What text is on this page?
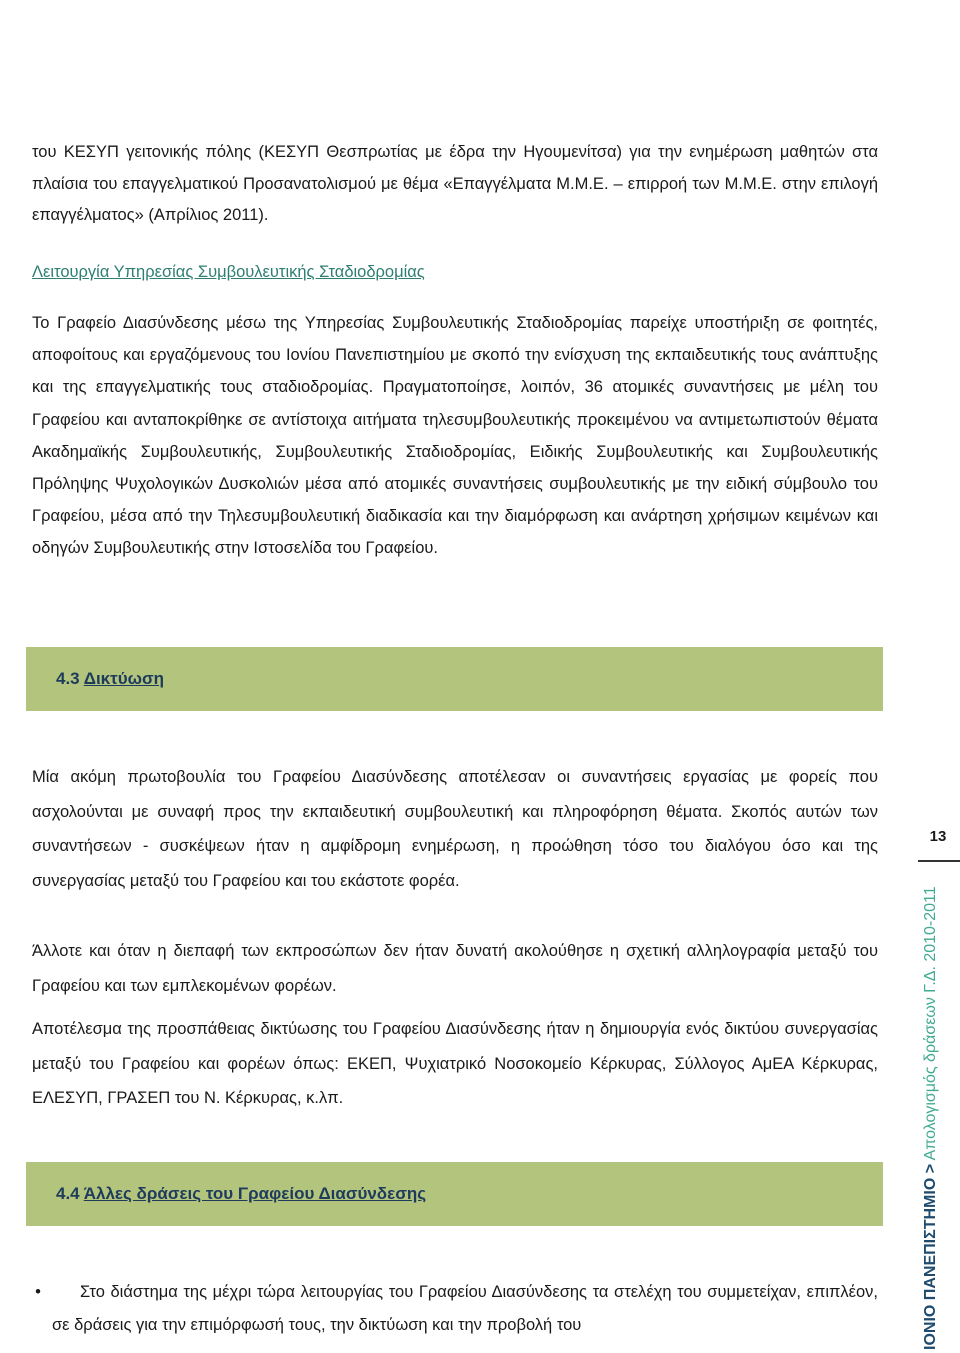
του ΚΕΣΥΠ γειτονικής πόλης (ΚΕΣΥΠ Θεσπρωτίας με έδρα την Ηγουμενίτσα) για την ενημέρωση μαθητών στα πλαίσια του επαγγελματικού Προσανατολισμού με θέμα «Επαγγέλματα Μ.Μ.Ε. – επιρροή των Μ.Μ.Ε. στην επιλογή επαγγέλματος» (Απρίλιος 2011).

Λειτουργία Υπηρεσίας Συμβουλευτικής Σταδιοδρομίας

Το Γραφείο Διασύνδεσης μέσω της Υπηρεσίας Συμβουλευτικής Σταδιοδρομίας παρείχε υποστήριξη σε φοιτητές, αποφοίτους και εργαζόμενους του Ιονίου Πανεπιστημίου με σκοπό την ενίσχυση της εκπαιδευτικής τους ανάπτυξης και της επαγγελματικής τους σταδιοδρομίας. Πραγματοποίησε, λοιπόν, 36 ατομικές συναντήσεις με μέλη του Γραφείου και ανταποκρίθηκε σε αντίστοιχα αιτήματα τηλεσυμβουλευτικής προκειμένου να αντιμετωπιστούν θέματα Ακαδημαϊκής Συμβουλευτικής, Συμβουλευτικής Σταδιοδρομίας, Ειδικής Συμβουλευτικής και Συμβουλευτικής Πρόληψης Ψυχολογικών Δυσκολιών μέσα από ατομικές συναντήσεις συμβουλευτικής με την ειδική σύμβουλο του Γραφείου, μέσα από την Τηλεσυμβουλευτική διαδικασία και την διαμόρφωση και ανάρτηση χρήσιμων κειμένων και οδηγών Συμβουλευτικής στην Ιστοσελίδα του Γραφείου.

4.3 Δικτύωση

Μία ακόμη πρωτοβουλία του Γραφείου Διασύνδεσης αποτέλεσαν οι συναντήσεις εργασίας με φορείς που ασχολούνται με συναφή προς την εκπαιδευτική συμβουλευτική και πληροφόρηση θέματα. Σκοπός αυτών των συναντήσεων - συσκέψεων ήταν η αμφίδρομη ενημέρωση, η προώθηση τόσο του διαλόγου όσο και της συνεργασίας μεταξύ του Γραφείου και του εκάστοτε φορέα.

Άλλοτε και όταν η διεπαφή των εκπροσώπων δεν ήταν δυνατή ακολούθησε η σχετική αλληλογραφία μεταξύ του Γραφείου και των εμπλεκομένων φορέων.

Αποτέλεσμα της προσπάθειας δικτύωσης του Γραφείου Διασύνδεσης ήταν η δημιουργία ενός δικτύου συνεργασίας μεταξύ του Γραφείου και φορέων όπως: ΕΚΕΠ, Ψυχιατρικό Νοσοκομείο Κέρκυρας, Σύλλογος ΑμΕΑ Κέρκυρας, ΕΛΕΣΥΠ, ΓΡΑΣΕΠ του Ν. Κέρκυρας, κ.λπ.

4.4 Άλλες δράσεις του Γραφείου Διασύνδεσης
•	Στο διάστημα της μέχρι τώρα λειτουργίας του Γραφείου Διασύνδεσης τα στελέχη του συμμετείχαν, επιπλέον, σε δράσεις για την επιμόρφωσή τους, την δικτύωση και την προβολή του

13
ΙΟΝΙΟ ΠΑΝΕΠΙΣΤΗΜΙΟ > Απολογισμός δράσεων Γ.Δ. 2010-2011
